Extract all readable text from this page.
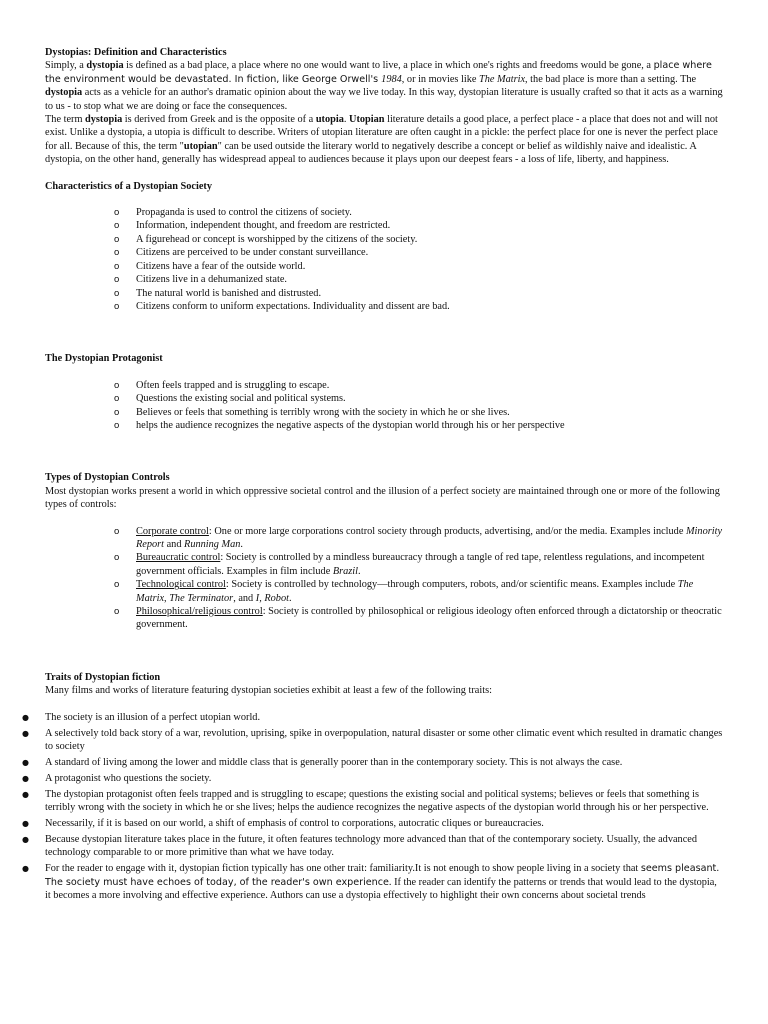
Dystopias: Definition and Characteristics

Simply, a dystopia is defined as a bad place, a place where no one would want to live, a place in which one's rights and freedoms would be gone, a place where the environment would be devastated. In fiction, like George Orwell's 1984, or in movies like The Matrix, the bad place is more than a setting. The dystopia acts as a vehicle for an author's dramatic opinion about the way we live today. In this way, dystopian literature is usually crafted so that it acts as a warning to us - to stop what we are doing or face the consequences.

The term dystopia is derived from Greek and is the opposite of a utopia. Utopian literature details a good place, a perfect place - a place that does not and will not exist. Unlike a dystopia, a utopia is difficult to describe. Writers of utopian literature are often caught in a pickle: the perfect place for one is never the perfect place for all. Because of this, the term "utopian" can be used outside the literary world to negatively describe a concept or belief as wildishly naive and idealistic. A dystopia, on the other hand, generally has widespread appeal to audiences because it plays upon our deepest fears - a loss of life, liberty, and happiness.

Characteristics of a Dystopian Society

o Propaganda is used to control the citizens of society.
o Information, independent thought, and freedom are restricted.
o A figurehead or concept is worshipped by the citizens of the society.
o Citizens are perceived to be under constant surveillance.
o Citizens have a fear of the outside world.
o Citizens live in a dehumanized state.
o The natural world is banished and distrusted.
o Citizens conform to uniform expectations. Individuality and dissent are bad.

The Dystopian Protagonist

o Often feels trapped and is struggling to escape.
o Questions the existing social and political systems.
o Believes or feels that something is terribly wrong with the society in which he or she lives.
o helps the audience recognizes the negative aspects of the dystopian world through his or her perspective

Types of Dystopian Controls

Most dystopian works present a world in which oppressive societal control and the illusion of a perfect society are maintained through one or more of the following types of controls:

o Corporate control: One or more large corporations control society through products, advertising, and/or the media. Examples include Minority Report and Running Man.
o Bureaucratic control: Society is controlled by a mindless bureaucracy through a tangle of red tape, relentless regulations, and incompetent government officials. Examples in film include Brazil.
o Technological control: Society is controlled by technology—through computers, robots, and/or scientific means. Examples include The Matrix, The Terminator, and I, Robot.
o Philosophical/religious control: Society is controlled by philosophical or religious ideology often enforced through a dictatorship or theocratic government.

Traits of Dystopian fiction

Many films and works of literature featuring dystopian societies exhibit at least a few of the following traits:

● The society is an illusion of a perfect utopian world.
● A selectively told back story of a war, revolution, uprising, spike in overpopulation, natural disaster or some other climatic event which resulted in dramatic changes to society
● A standard of living among the lower and middle class that is generally poorer than in the contemporary society. This is not always the case.
● A protagonist who questions the society.
● The dystopian protagonist often feels trapped and is struggling to escape; questions the existing social and political systems; believes or feels that something is terribly wrong with the society in which he or she lives; helps the audience recognizes the negative aspects of the dystopian world through his or her perspective.
● Necessarily, if it is based on our world, a shift of emphasis of control to corporations, autocratic cliques or bureaucracies.
● Because dystopian literature takes place in the future, it often features technology more advanced than that of the contemporary society. Usually, the advanced technology comparable to or more primitive than what we have today.
● For the reader to engage with it, dystopian fiction typically has one other trait: familiarity.It is not enough to show people living in a society that seems pleasant. The society must have echoes of today, of the reader's own experience. If the reader can identify the patterns or trends that would lead to the dystopia, it becomes a more involving and effective experience. Authors can use a dystopia effectively to highlight their own concerns about societal trends
